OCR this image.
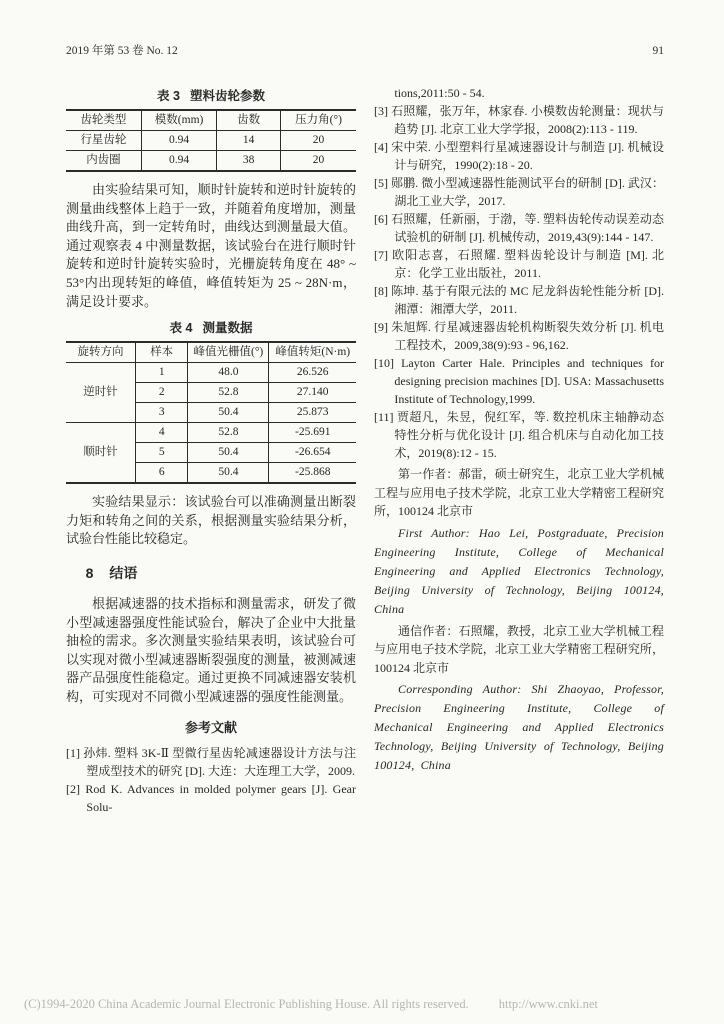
2019 年第 53 卷 No. 12	91
表 3 塑料齿轮参数
齿轮类型	模数(mm)	齿数	压力角(°)
行星齿轮	0.94	14	20
内齿圈	0.94	38	20

由实验结果可知，顺时针旋转和逆时针旋转的测量曲线整体上趋于一致，并随着角度增加，测量曲线升高，到一定转角时，曲线达到测量最大值。通过观察表 4 中测量数据，该试验台在进行顺时针旋转和逆时针旋转实验时，光栅旋转角度在 48° ~ 53°内出现转矩的峰值，峰值转矩为 25 ~ 28N·m，满足设计要求。

表 4 测量数据
旋转方向	样本	峰值光栅值(°)	峰值转矩(N·m)
逆时针	1	48.0	26.526
	2	52.8	27.140
	3	50.4	25.873
顺时针	4	52.8	-25.691
	5	50.4	-26.654
	6	50.4	-25.868

实验结果显示：该试验台可以准确测量出断裂力矩和转角之间的关系，根据测量实验结果分析，试验台性能比较稳定。

8 结语

根据减速器的技术指标和测量需求，研发了微小型减速器强度性能试验台，解决了企业中大批量抽检的需求。多次测量实验结果表明，该试验台可以实现对微小型减速器断裂强度的测量，被测减速器产品强度性能稳定。通过更换不同减速器安装机构，可实现对不同微小型减速器的强度性能测量。

参考文献

[1] 孙炜. 塑料 3K-Ⅱ 型微行星齿轮减速器设计方法与注塑成型技术的研究 [D]. 大连：大连理工大学，2009.

[2] Rod K. Advances in molded polymer gears [J]. Gear Solu-

tions,2011:50 - 54.

[3] 石照耀，张万年，林家春. 小模数齿轮测量：现状与趋势 [J]. 北京工业大学学报，2008(2):113 - 119.

[4] 宋中荣. 小型塑料行星减速器设计与制造 [J]. 机械设计与研究，1990(2):18 - 20.

[5] 郧鹏. 微小型减速器性能测试平台的研制 [D]. 武汉：湖北工业大学，2017.

[6] 石照耀，任新丽，于渤，等. 塑料齿轮传动误差动态试验机的研制 [J]. 机械传动，2019,43(9):144 - 147.

[7] 欧阳志喜，石照耀. 塑料齿轮设计与制造 [M]. 北京：化学工业出版社，2011.

[8] 陈坤. 基于有限元法的 MC 尼龙斜齿轮性能分析 [D]. 湘潭：湘潭大学，2011.

[9] 朱旭辉. 行星减速器齿轮机构断裂失效分析 [J]. 机电工程技术，2009,38(9):93 - 96,162.

[10] Layton Carter Hale. Principles and techniques for designing precision machines [D]. USA: Massachusetts Institute of Technology,1999.

[11] 贾超凡，朱昱，倪红军，等. 数控机床主轴静动态特性分析与优化设计 [J]. 组合机床与自动化加工技术，2019(8):12 - 15.

第一作者：郝雷，硕士研究生，北京工业大学机械工程与应用电子技术学院，北京工业大学精密工程研究所，100124 北京市

First Author: Hao Lei, Postgraduate, Precision Engineering Institute, College of Mechanical Engineering and Applied Electronics Technology, Beijing University of Technology, Beijing 100124, China

通信作者：石照耀，教授，北京工业大学机械工程与应用电子技术学院，北京工业大学精密工程研究所，100124 北京市

Corresponding Author: Shi Zhaoyao, Professor, Precision Engineering Institute, College of Mechanical Engineering and Applied Electronics Technology, Beijing University of Technology, Beijing 100124, China

(C)1994-2020 China Academic Journal Electronic Publishing House. All rights reserved. http://www.cnki.net
